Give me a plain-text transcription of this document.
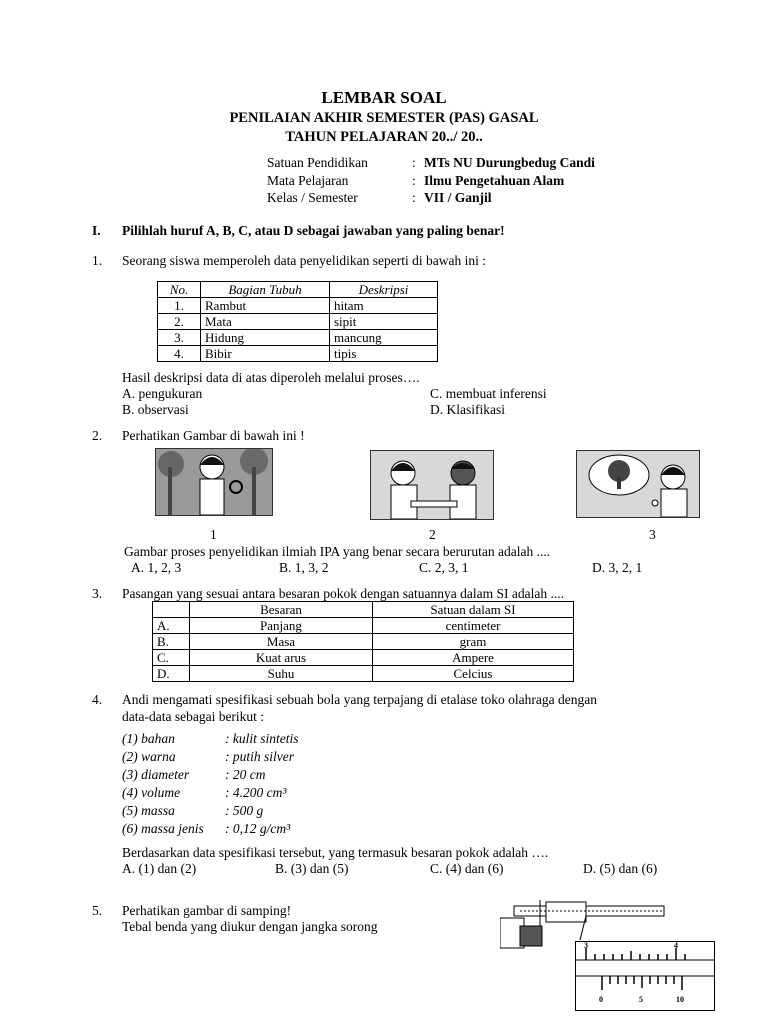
LEMBAR SOAL
PENILAIAN AKHIR SEMESTER (PAS) GASAL
TAHUN PELAJARAN 20../ 20..
Satuan Pendidikan	: MTs NU Durungbedug Candi
Mata Pelajaran	: Ilmu Pengetahuan Alam
Kelas / Semester	: VII / Ganjil
I. Pilihlah huruf A, B, C, atau D sebagai jawaban yang paling benar!
1. Seorang siswa memperoleh data penyelidikan seperti di bawah ini :
No.	Bagian Tubuh	Deskripsi
1.	Rambut	hitam
2.	Mata	sipit
3.	Hidung	mancung
4.	Bibir	tipis
Hasil deskripsi data di atas diperoleh melalui proses….
A. pengukuran
B. observasi
C. membuat inferensi
D. Klasifikasi
2. Perhatikan Gambar di bawah ini !
1	2	3
Gambar proses penyelidikan ilmiah IPA yang benar secara berurutan adalah ....
A. 1, 2, 3	B. 1, 3, 2	C. 2, 3, 1	D. 3, 2, 1
3. Pasangan yang sesuai antara besaran pokok dengan satuannya dalam SI adalah ....
	Besaran	Satuan dalam SI
A.	Panjang	centimeter
B.	Masa	gram
C.	Kuat arus	Ampere
D.	Suhu	Celcius
4. Andi mengamati spesifikasi sebuah bola yang terpajang di etalase toko olahraga dengan
data-data sebagai berikut :
(1) bahan	: kulit sintetis
(2) warna	: putih silver
(3) diameter	: 20 cm
(4) volume	: 4.200 cm³
(5) massa	: 500 g
(6) massa jenis : 0,12 g/cm³
Berdasarkan data spesifikasi tersebut, yang termasuk besaran pokok adalah ….
A. (1) dan (2)	B. (3) dan (5)	C. (4) dan (6)	D. (5) dan (6)
5. Perhatikan gambar di samping!
Tebal benda yang diukur dengan jangka sorong
3	4
0	5	10
